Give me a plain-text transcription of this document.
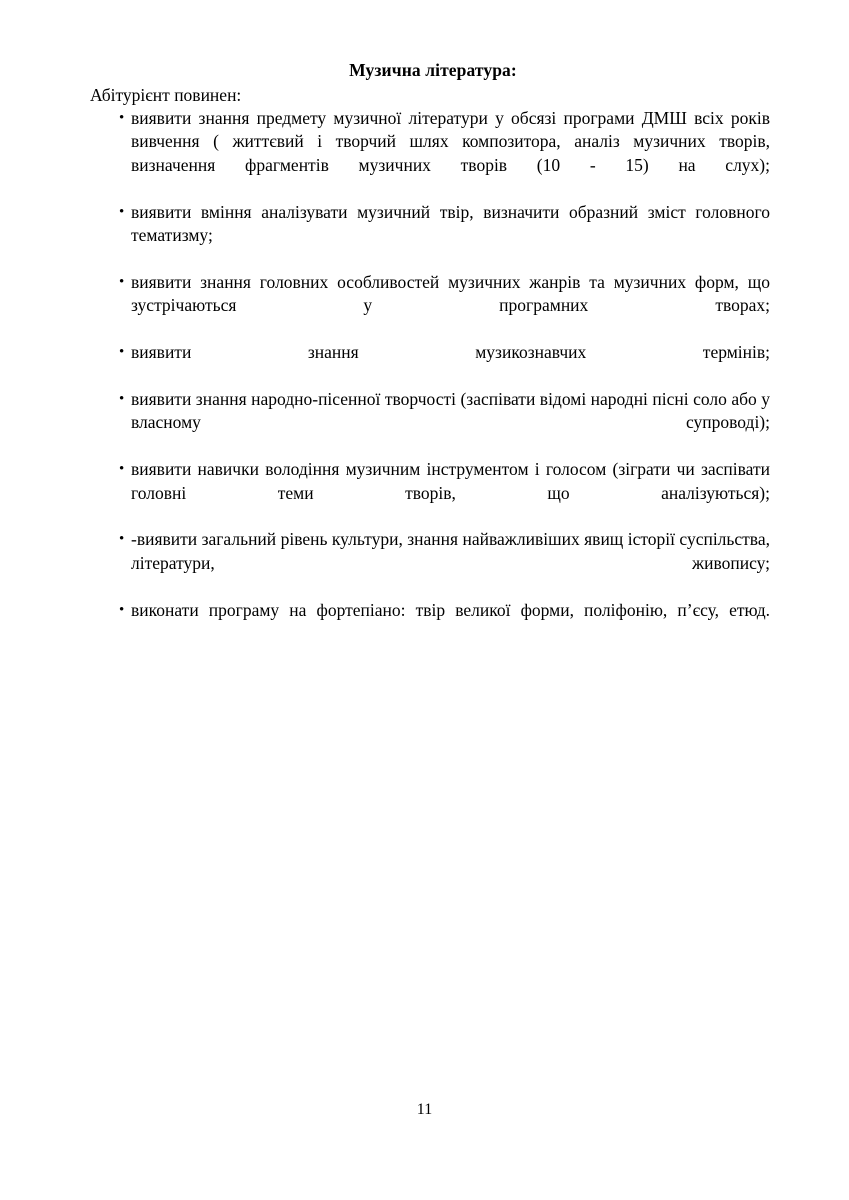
Музична література:

Абітурієнт повинен:

• виявити знання предмету музичної літератури у обсязі програми ДМШ всіх років вивчення ( життєвий і творчий шлях композитора, аналіз музичних творів, визначення фрагментів музичних творів (10 - 15) на слух);
• виявити вміння аналізувати музичний твір, визначити образний зміст головного тематизму;
• виявити знання головних особливостей музичних жанрів та музичних форм, що зустрічаються у програмних творах;
• виявити знання музикознавчих термінів;
• виявити знання народно-пісенної творчості (заспівати відомі народні пісні соло або у власному супроводі);
• виявити навички володіння музичним інструментом і голосом (зіграти чи заспівати головні теми творів, що аналізуються);
• -виявити загальний рівень культури, знання найважливіших явищ історії суспільства, літератури, живопису;
• виконати програму на фортепіано: твір великої форми, поліфонію, п’єсу, етюд.
11
